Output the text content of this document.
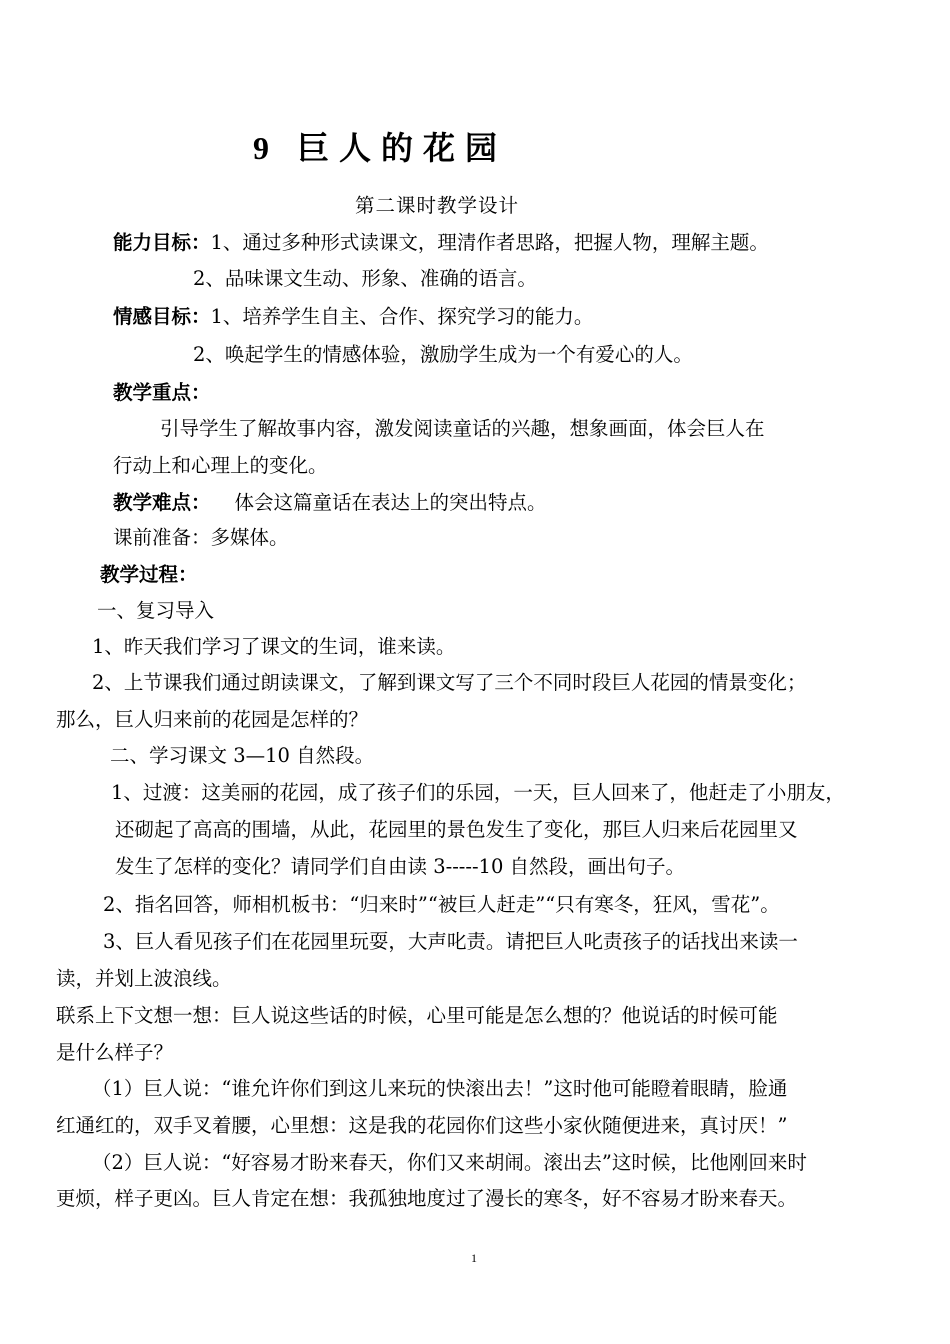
9 巨人的花园
第二课时教学设计
能力目标：1、通过多种形式读课文，理清作者思路，把握人物，理解主题。
2、品味课文生动、形象、准确的语言。
情感目标：1、培养学生自主、合作、探究学习的能力。
2、唤起学生的情感体验，激励学生成为一个有爱心的人。
教学重点：
引导学生了解故事内容，激发阅读童话的兴趣，想象画面，体会巨人在
行动上和心理上的变化。
教学难点： 体会这篇童话在表达上的突出特点。
课前准备：多媒体。
教学过程：
一、复习导入
1、昨天我们学习了课文的生词，谁来读。
2、上节课我们通过朗读课文，了解到课文写了三个不同时段巨人花园的情景变化；
那么，巨人归来前的花园是怎样的？
二、学习课文 3—10 自然段。
1、过渡：这美丽的花园，成了孩子们的乐园，一天，巨人回来了，他赶走了小朋友，
还砌起了高高的围墙，从此，花园里的景色发生了变化，那巨人归来后花园里又
发生了怎样的变化？请同学们自由读 3-----10 自然段，画出句子。
2、指名回答，师相机板书：“归来时”“被巨人赶走”“只有寒冬，狂风，雪花”。
3、巨人看见孩子们在花园里玩耍，大声叱责。请把巨人叱责孩子的话找出来读一
读，并划上波浪线。
联系上下文想一想：巨人说这些话的时候，心里可能是怎么想的？他说话的时候可能
是什么样子？
（1）巨人说：“谁允许你们到这儿来玩的快滚出去！”这时他可能瞪着眼睛，脸通
红通红的，双手叉着腰，心里想：这是我的花园你们这些小家伙随便进来，真讨厌！”
（2）巨人说：“好容易才盼来春天，你们又来胡闹。滚出去”这时候，比他刚回来时
更烦，样子更凶。巨人肯定在想：我孤独地度过了漫长的寒冬，好不容易才盼来春天。
1
